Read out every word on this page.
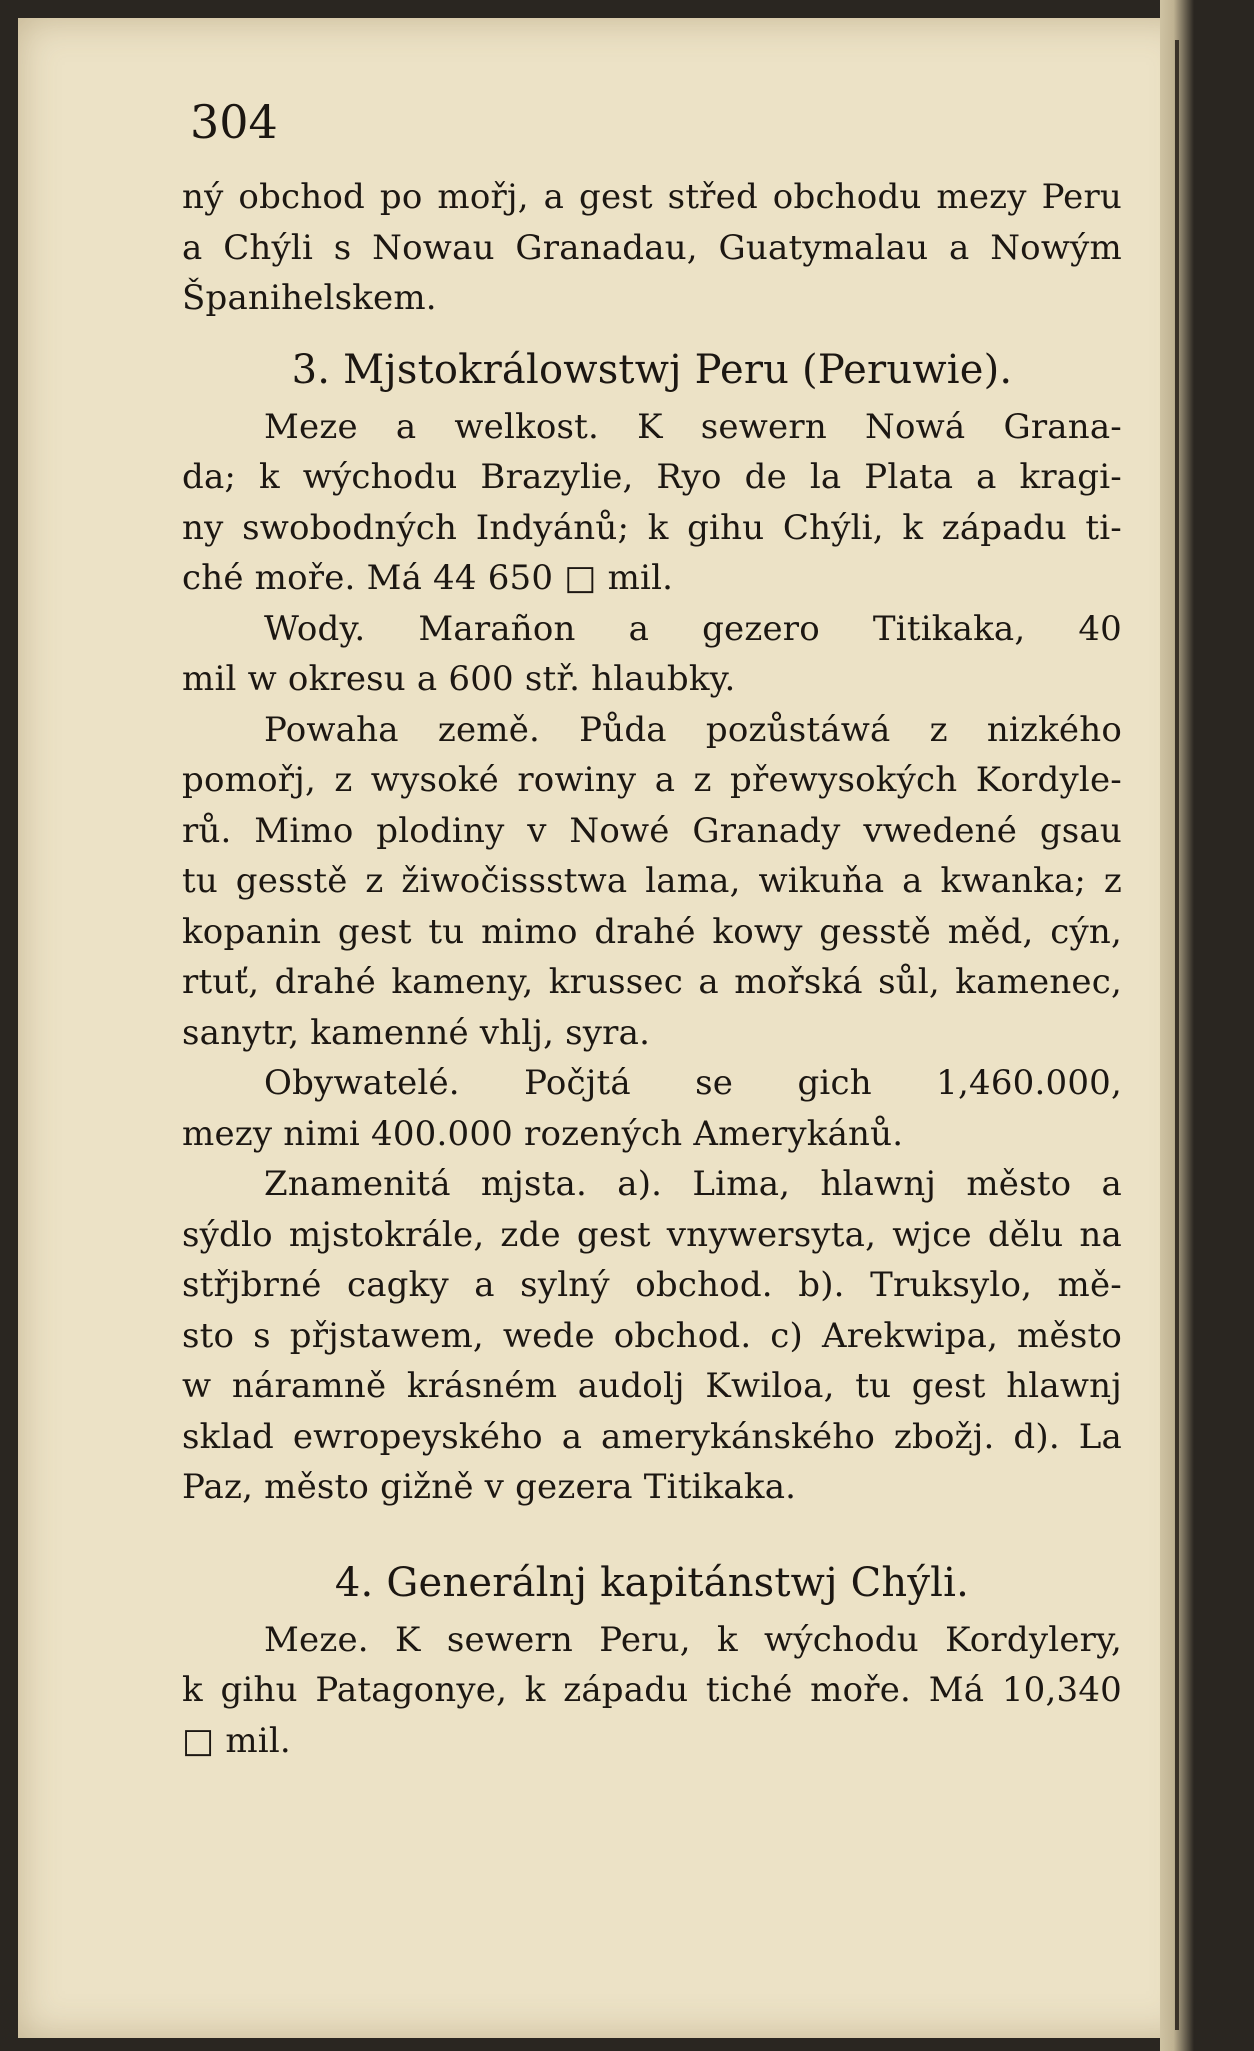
304
ný obchod po mořj, a gest střed obchodu mezy Peru
a Chýli s Nowau Granadau, Guatymalau a Nowým
Španihelskem.
3. Mjstokrálowstwj Peru (Peruwie).
Meze a welkost. K sewern Nowá Grana-
da; k wýchodu Brazylie, Ryo de la Plata a kragi-
ny swobodných Indyánů; k gihu Chýli, k západu ti-
ché moře. Má 44 650 □ mil.
Wody. Marañon a gezero Titikaka, 40
mil w okresu a 600 stř. hlaubky.
Powaha země. Půda pozůstáwá z nizkého
pomořj, z wysoké rowiny a z přewysokých Kordyle-
rů. Mimo plodiny v Nowé Granady vwedené gsau
tu gesstě z žiwočissstwa lama, wikuňa a kwanka; z
kopanin gest tu mimo drahé kowy gesstě měd, cýn,
rtuť, drahé kameny, krussec a mořská sůl, kamenec,
sanytr, kamenné vhlj, syra.
Obywatelé. Počjtá se gich 1,460.000,
mezy nimi 400.000 rozených Amerykánů.
Znamenitá mjsta. a). Lima, hlawnj město a
sýdlo mjstokrále, zde gest vnywersyta, wjce dělu na
střjbrné cagky a sylný obchod. b). Truksylo, mě-
sto s přjstawem, wede obchod. c) Arekwipa, město
w náramně krásném audolj Kwiloa, tu gest hlawnj
sklad ewropeyského a amerykánského zbožj. d). La
Paz, město gižně v gezera Titikaka.
4. Generálnj kapitánstwj Chýli.
Meze. K sewern Peru, k wýchodu Kordylery,
k gihu Patagonye, k západu tiché moře. Má 10,340
□ mil.
